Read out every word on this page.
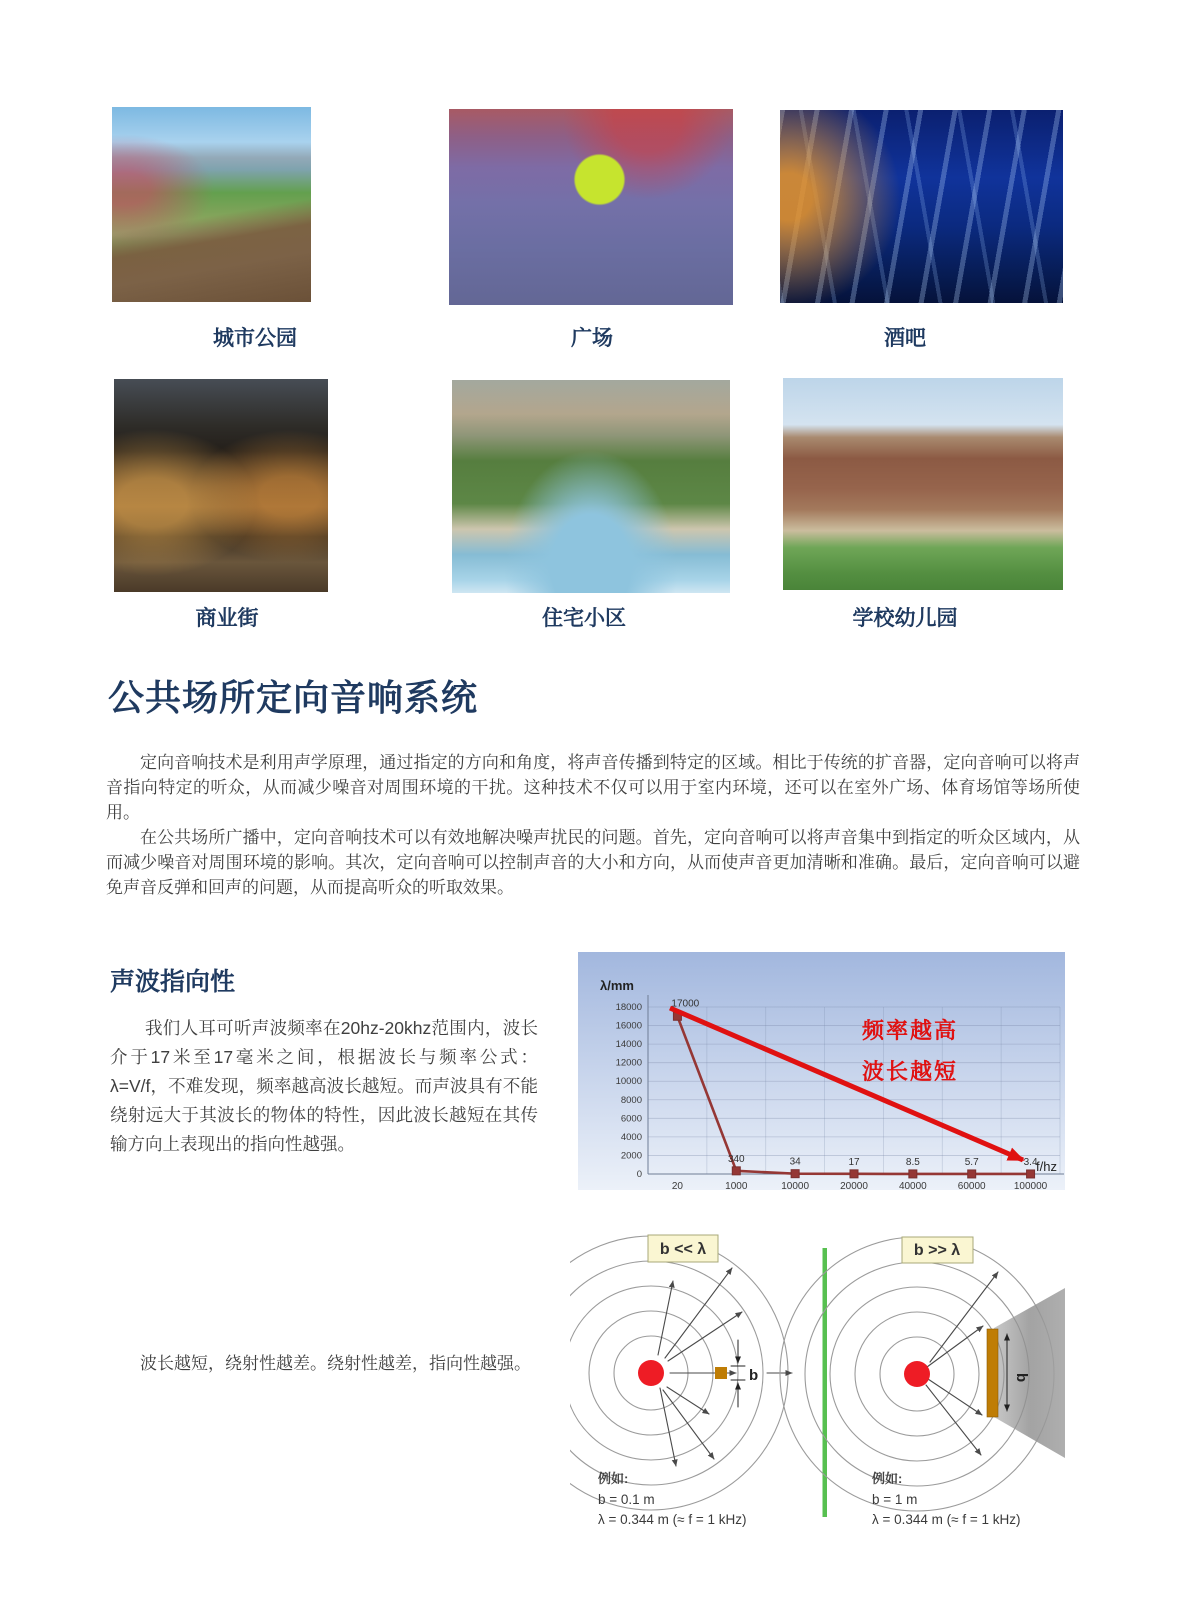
城市公园	广场	酒吧
商业街	住宅小区	学校幼儿园
公共场所定向音响系统

定向音响技术是利用声学原理，通过指定的方向和角度，将声音传播到特定的区域。相比于传统的扩音器，定向音响可以将声音指向特定的听众，从而减少噪音对周围环境的干扰。这种技术不仅可以用于室内环境，还可以在室外广场、体育场馆等场所使用。

在公共场所广播中，定向音响技术可以有效地解决噪声扰民的问题。首先，定向音响可以将声音集中到指定的听众区域内，从而减少噪音对周围环境的影响。其次，定向音响可以控制声音的大小和方向，从而使声音更加清晰和准确。最后，定向音响可以避免声音反弹和回声的问题，从而提高听众的听取效果。

声波指向性
我们人耳可听声波频率在20hz-20khz范围内，波长介于17米至17毫米之间，根据波长与频率公式：λ=V/f，不难发现，频率越高波长越短。而声波具有不能绕射远大于其波长的物体的特性，因此波长越短在其传输方向上表现出的指向性越强。
波长越短，绕射性越差。绕射性越差，指向性越强。
0
2000
4000
6000
8000
10000
12000
14000
16000
18000	17000
340	34	17	8.5	5.7	3.4
20	1000	10000	20000	40000	60000	100000
λ/mm
f/hz
频率越高
波长越短
b
b << λ
例如:
b = 0.1 m
λ = 0.344 m (≈ f = 1 kHz)
b
b >> λ
例如:
b = 1 m
λ = 0.344 m (≈ f = 1 kHz)
